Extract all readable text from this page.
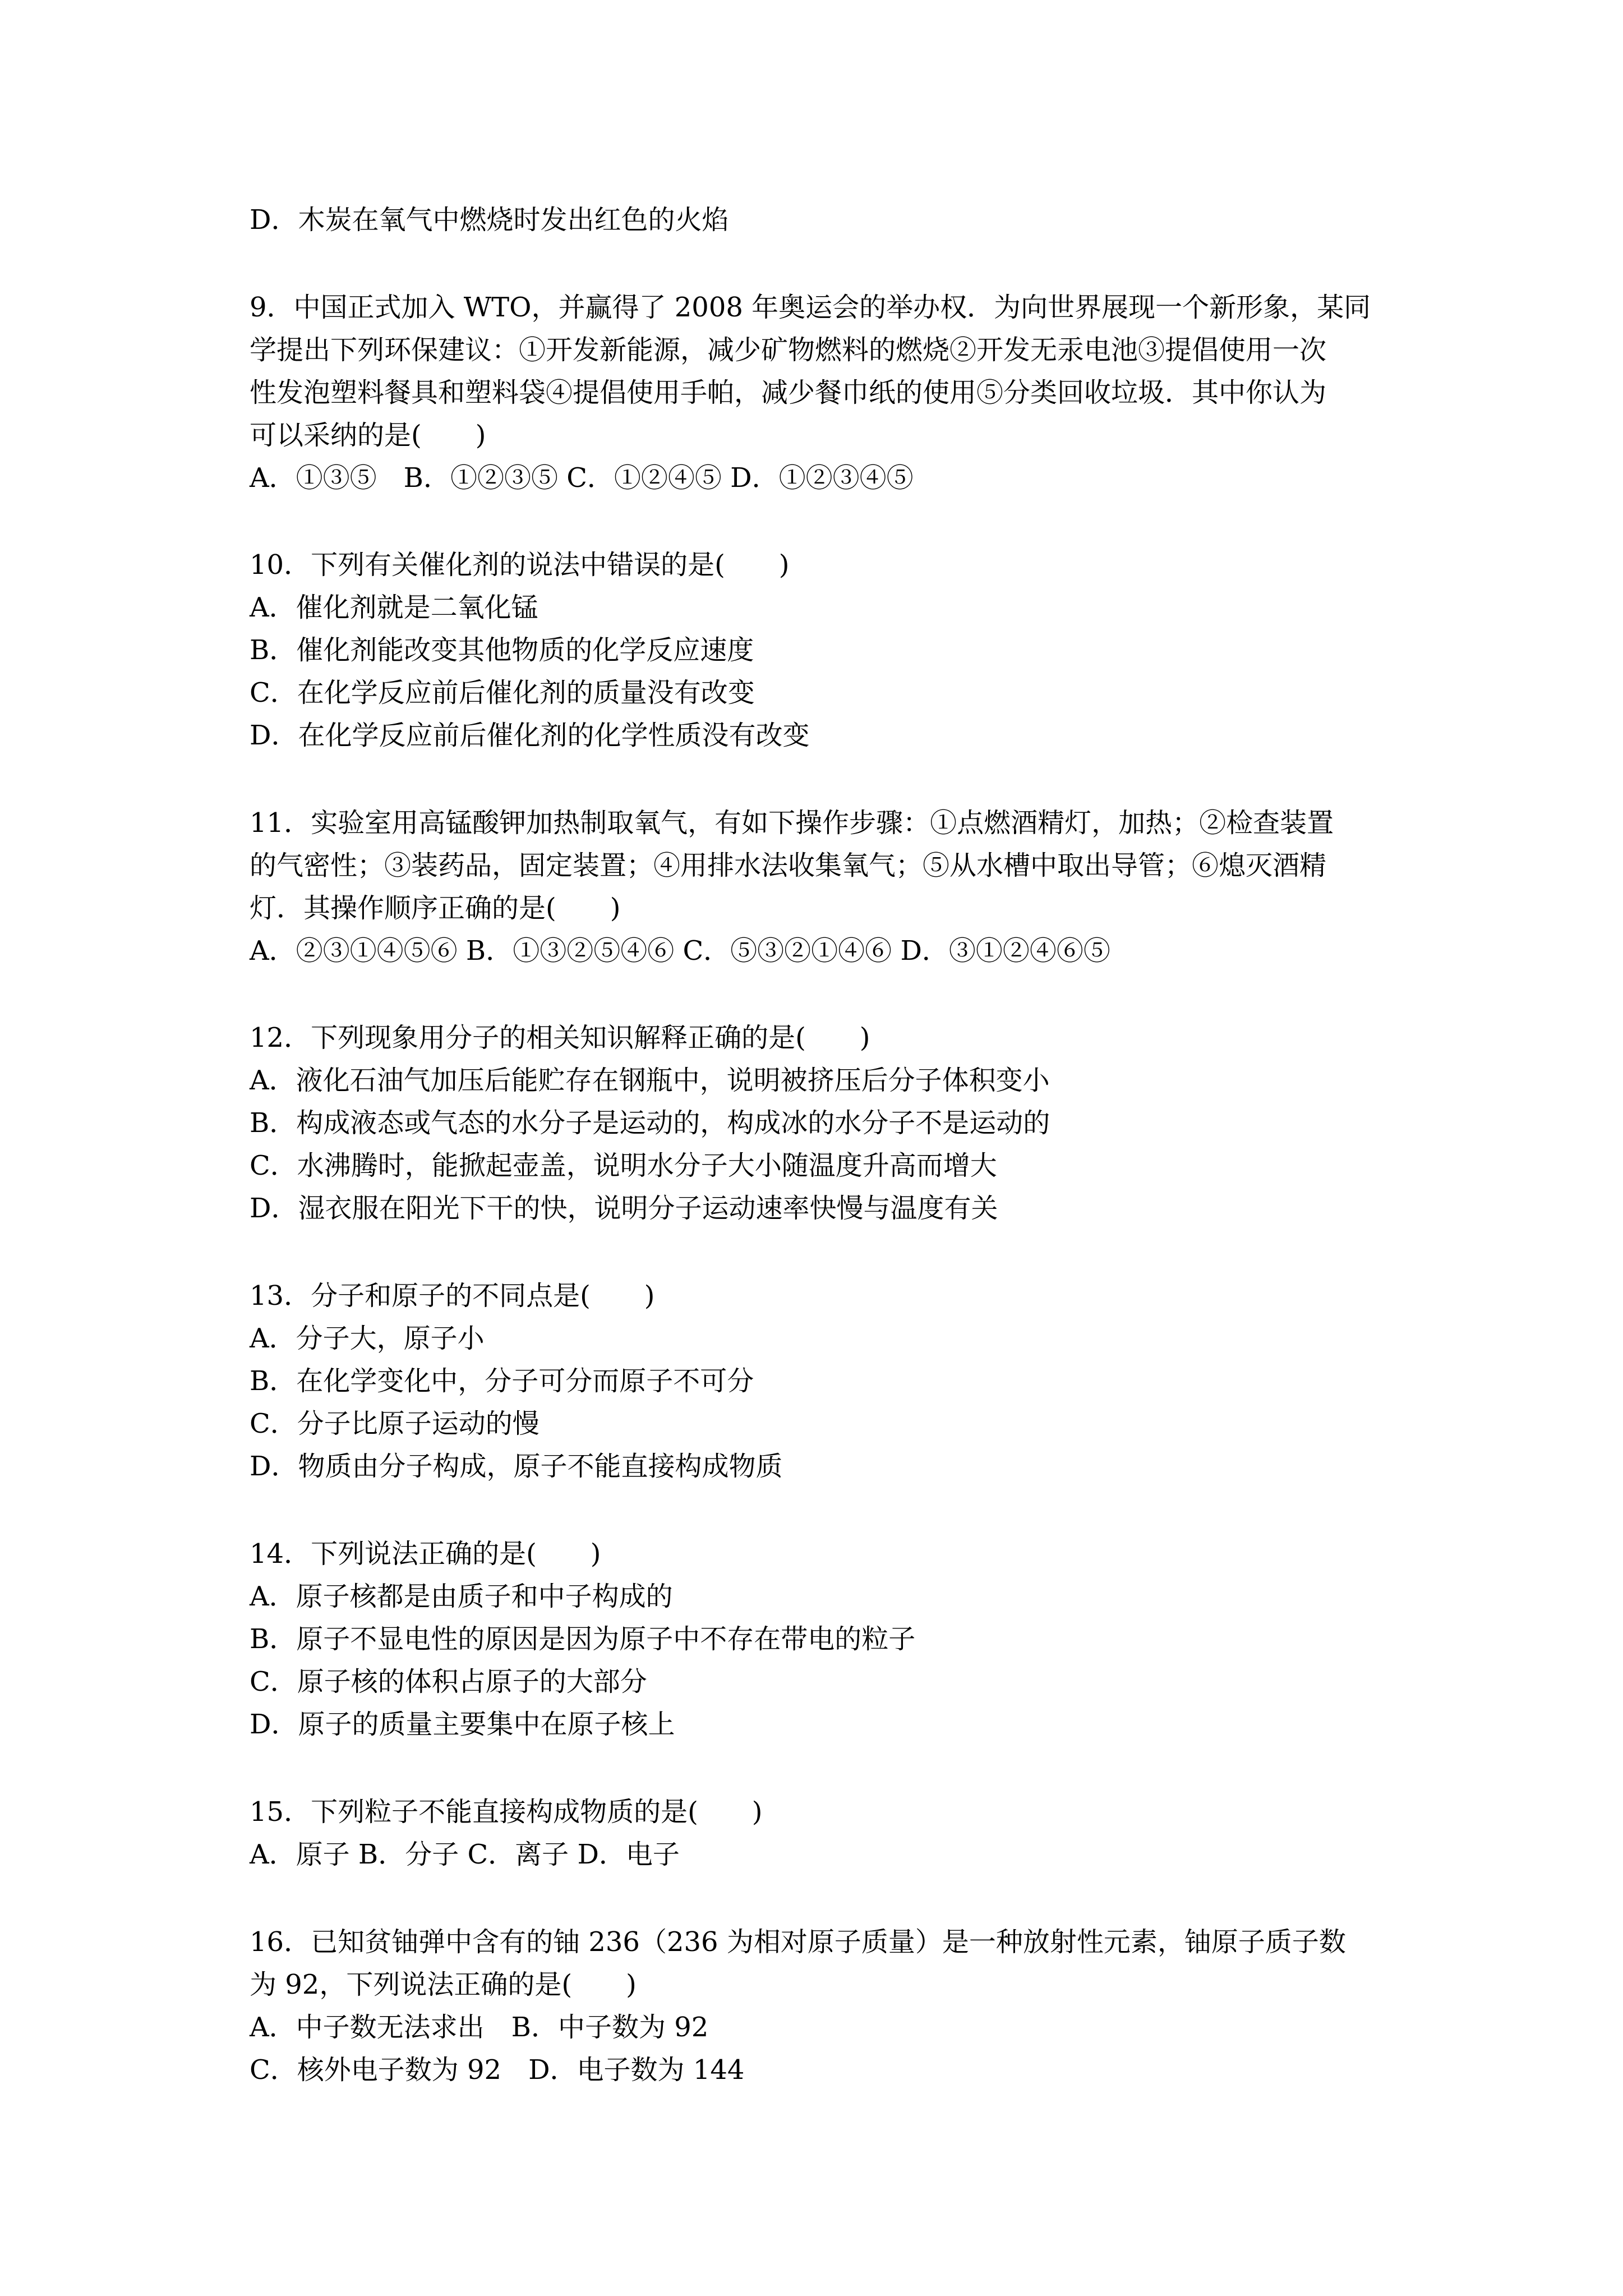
D．木炭在氧气中燃烧时发出红色的火焰
9．中国正式加入 WTO，并赢得了 2008 年奥运会的举办权．为向世界展现一个新形象，某同
学提出下列环保建议：①开发新能源，减少矿物燃料的燃烧②开发无汞电池③提倡使用一次
性发泡塑料餐具和塑料袋④提倡使用手帕，减少餐巾纸的使用⑤分类回收垃圾．其中你认为
可以采纳的是(　　)
A．①③⑤　B．①②③⑤ C．①②④⑤ D．①②③④⑤
10．下列有关催化剂的说法中错误的是(　　)
A．催化剂就是二氧化锰
B．催化剂能改变其他物质的化学反应速度
C．在化学反应前后催化剂的质量没有改变
D．在化学反应前后催化剂的化学性质没有改变
11．实验室用高锰酸钾加热制取氧气，有如下操作步骤：①点燃酒精灯，加热；②检查装置
的气密性；③装药品，固定装置；④用排水法收集氧气；⑤从水槽中取出导管；⑥熄灭酒精
灯．其操作顺序正确的是(　　)
A．②③①④⑤⑥ B．①③②⑤④⑥ C．⑤③②①④⑥ D．③①②④⑥⑤
12．下列现象用分子的相关知识解释正确的是(　　)
A．液化石油气加压后能贮存在钢瓶中，说明被挤压后分子体积变小
B．构成液态或气态的水分子是运动的，构成冰的水分子不是运动的
C．水沸腾时，能掀起壶盖，说明水分子大小随温度升高而增大
D．湿衣服在阳光下干的快，说明分子运动速率快慢与温度有关
13．分子和原子的不同点是(　　)
A．分子大，原子小
B．在化学变化中，分子可分而原子不可分
C．分子比原子运动的慢
D．物质由分子构成，原子不能直接构成物质
14．下列说法正确的是(　　)
A．原子核都是由质子和中子构成的
B．原子不显电性的原因是因为原子中不存在带电的粒子
C．原子核的体积占原子的大部分
D．原子的质量主要集中在原子核上
15．下列粒子不能直接构成物质的是(　　)
A．原子 B．分子 C．离子 D．电子
16．已知贫铀弹中含有的铀 236（236 为相对原子质量）是一种放射性元素，铀原子质子数
为 92，下列说法正确的是(　　)
A．中子数无法求出　B．中子数为 92
C．核外电子数为 92　D．电子数为 144
